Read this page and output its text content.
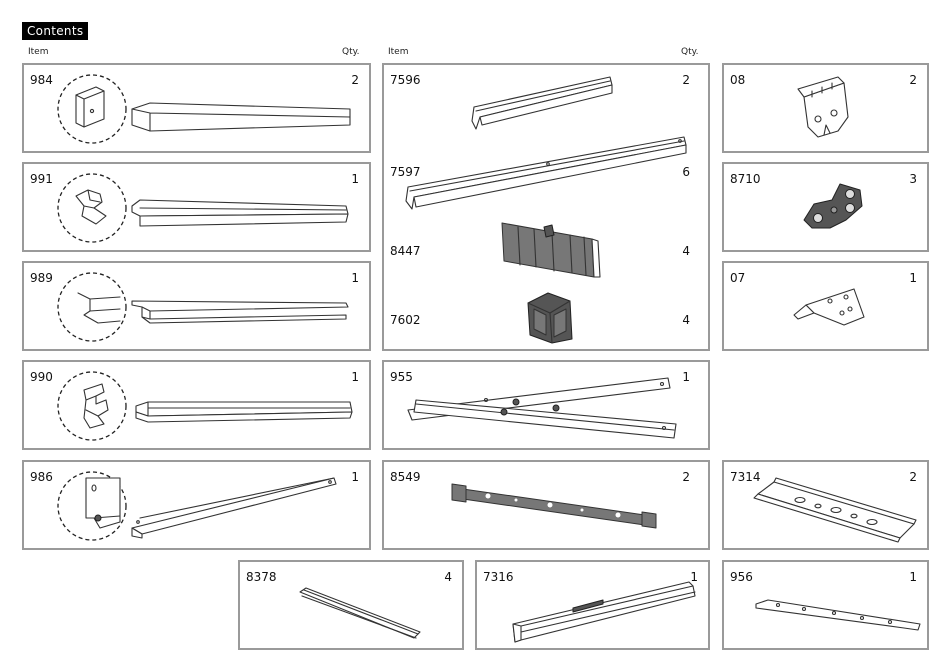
Contents
Item	Qty.	Item	Qty.
984	2
991	1
989	1
990	1
986	1
7596	2
7597	6
8447	4
7602	4
955	1
8549	2
08	2
8710	3
07	1
7314	2
8378	4	7316	1	956	1
